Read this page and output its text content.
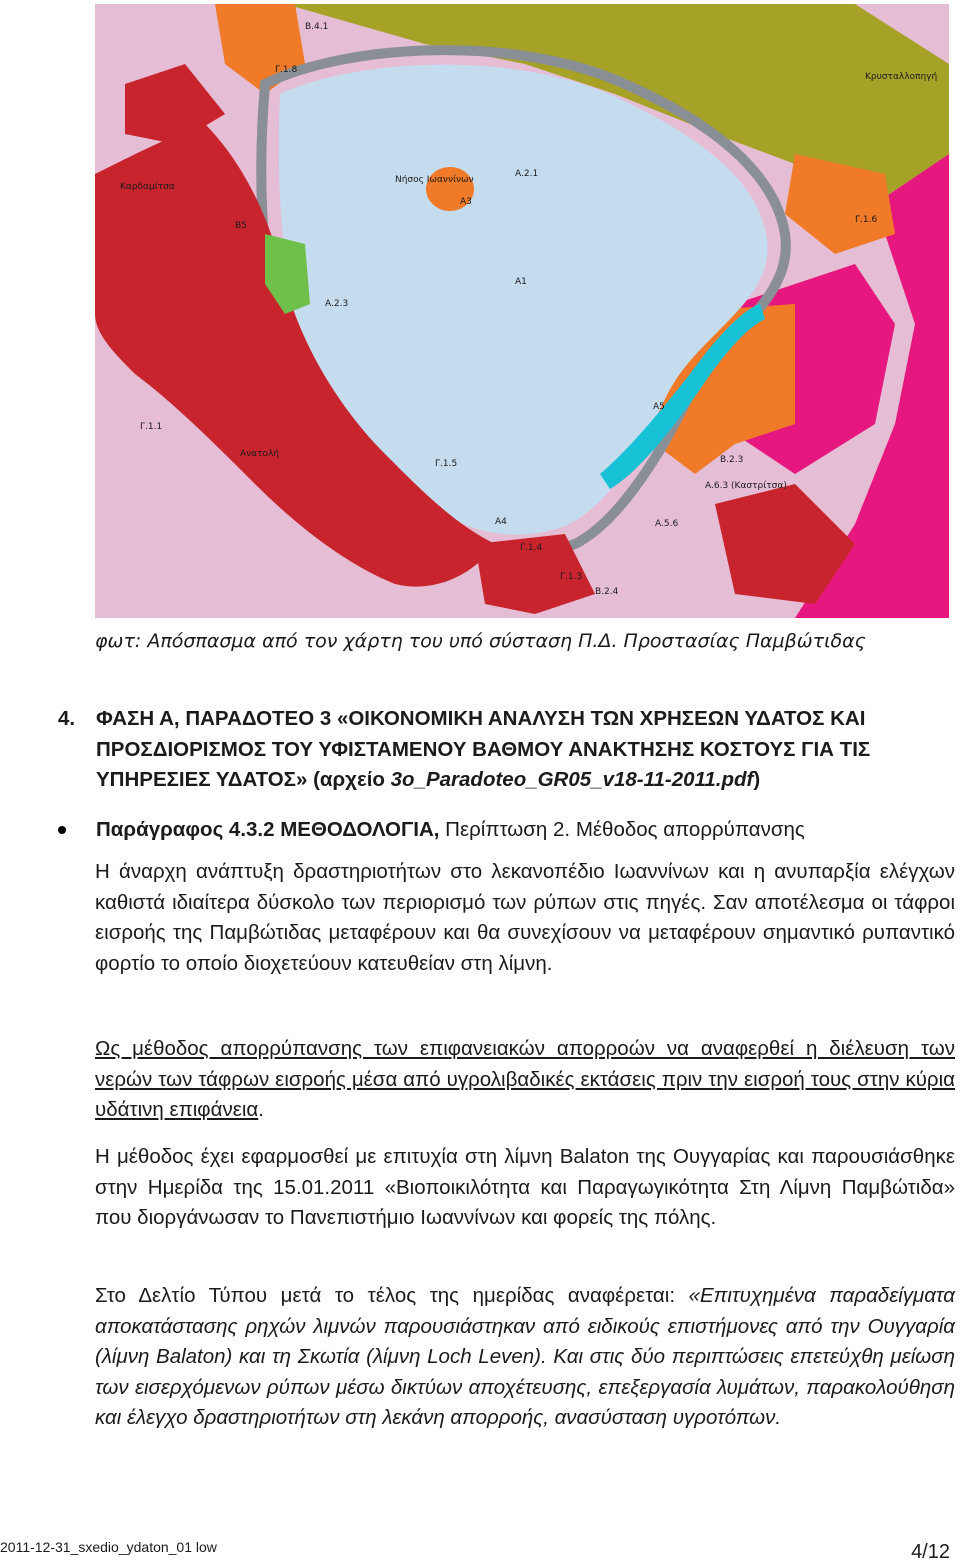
B.4.1
Γ.1.8
Νήσος Ιωαννίνων
A.2.1
A3
B5
A1
A.2.3
Γ.1.1
A5
Γ.1.5	B.2.3
A.6.3 (Καστρίτσα)
A4
Γ.1.4
A.5.6
Γ.1.3
B.2.4
Γ.1.6
Καρδαμίτσα
Ανατολή
Κρυσταλλοπηγή
φωτ: Απόσπασμα από τον χάρτη του υπό σύσταση Π.Δ. Προστασίας Παμβώτιδας
4. ΦΑΣΗ Α, ΠΑΡΑΔΟΤΕΟ 3 «ΟΙΚΟΝΟΜΙΚΗ ΑΝΑΛΥΣΗ ΤΩΝ ΧΡΗΣΕΩΝ ΥΔΑΤΟΣ ΚΑΙ ΠΡΟΣΔΙΟΡΙΣΜΟΣ ΤΟΥ ΥΦΙΣΤΑΜΕΝΟΥ ΒΑΘΜΟΥ ΑΝΑΚΤΗΣΗΣ ΚΟΣΤΟΥΣ ΓΙΑ ΤΙΣ ΥΠΗΡΕΣΙΕΣ ΥΔΑΤΟΣ» (αρχείο 3o_Paradoteo_GR05_v18-11-2011.pdf)
Παράγραφος 4.3.2 ΜΕΘΟΔΟΛΟΓΙΑ, Περίπτωση 2. Μέθοδος απορρύπανσης
Η άναρχη ανάπτυξη δραστηριοτήτων στο λεκανοπέδιο Ιωαννίνων και η ανυπαρξία ελέγχων καθιστά ιδιαίτερα δύσκολο των περιορισμό των ρύπων στις πηγές. Σαν αποτέλεσμα οι τάφροι εισροής της Παμβώτιδας μεταφέρουν και θα συνεχίσουν να μεταφέρουν σημαντικό ρυπαντικό φορτίο το οποίο διοχετεύουν κατευθείαν στη λίμνη.
Ως μέθοδος απορρύπανσης των επιφανειακών απορροών να αναφερθεί η διέλευση των νερών των τάφρων εισροής μέσα από υγρολιβαδικές εκτάσεις πριν την εισροή τους στην κύρια υδάτινη επιφάνεια.
Η μέθοδος έχει εφαρμοσθεί με επιτυχία στη λίμνη Balaton της Ουγγαρίας και παρουσιάσθηκε στην Ημερίδα της 15.01.2011 «Βιοποικιλότητα και Παραγωγικότητα Στη Λίμνη Παμβώτιδα» που διοργάνωσαν το Πανεπιστήμιο Ιωαννίνων και φορείς της πόλης.
Στο Δελτίο Τύπου μετά το τέλος της ημερίδας αναφέρεται: «Επιτυχημένα παραδείγματα αποκατάστασης ρηχών λιμνών παρουσιάστηκαν από ειδικούς επιστήμονες από την Ουγγαρία (λίμνη Balaton) και τη Σκωτία (λίμνη Loch Leven). Και στις δύο περιπτώσεις επετεύχθη μείωση των εισερχόμενων ρύπων μέσω δικτύων αποχέτευσης, επεξεργασία λυμάτων, παρακολούθηση και έλεγχο δραστηριοτήτων στη λεκάνη απορροής, ανασύσταση υγροτόπων.
2011-12-31_sxedio_ydaton_01 low	4/12
